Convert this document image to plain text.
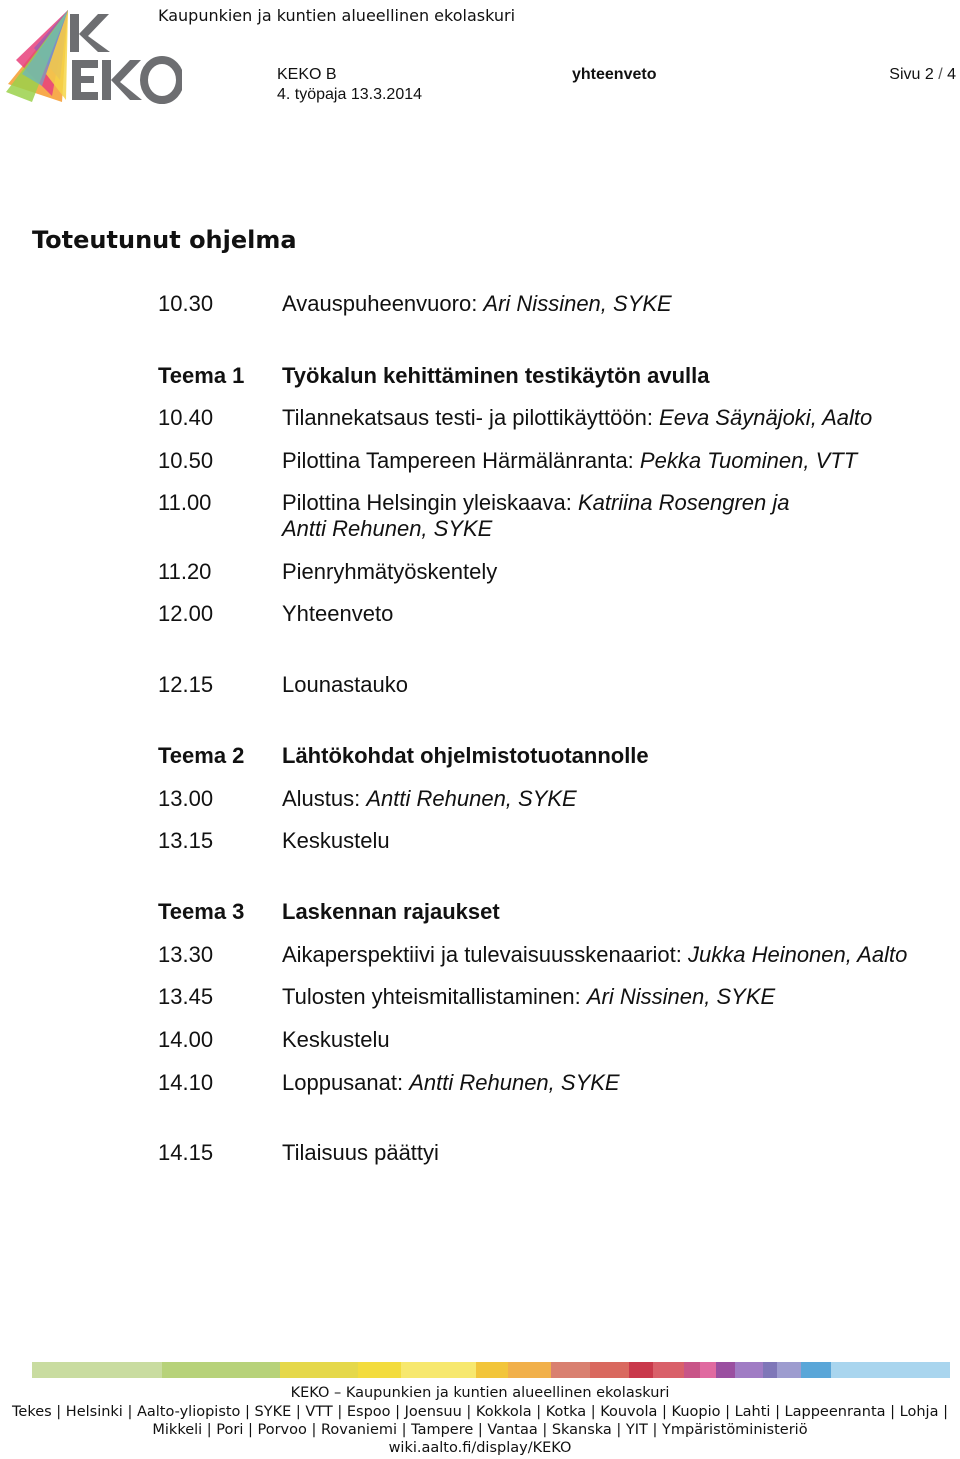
Kaupunkien ja kuntien alueellinen ekolaskuri
KEKO B
4. työpaja 13.3.2014
yhteenveto	Sivu 2 / 4
Toteutunut ohjelma
10.30	Avauspuheenvuoro: Ari Nissinen, SYKE
Teema 1 Työkalun kehittäminen testikäytön avulla
10.40	Tilannekatsaus testi- ja pilottikäyttöön: Eeva Säynäjoki, Aalto
10.50	Pilottina Tampereen Härmälänranta: Pekka Tuominen, VTT
11.00	Pilottina Helsingin yleiskaava: Katriina Rosengren ja
Antti Rehunen, SYKE
11.20	Pienryhmätyöskentely
12.00	Yhteenveto
12.15	Lounastauko
Teema 2 Lähtökohdat ohjelmistotuotannolle
13.00	Alustus: Antti Rehunen, SYKE
13.15	Keskustelu
Teema 3 Laskennan rajaukset
13.30	Aikaperspektiivi ja tulevaisuusskenaariot: Jukka Heinonen, Aalto
13.45	Tulosten yhteismitallistaminen: Ari Nissinen, SYKE
14.00	Keskustelu
14.10	Loppusanat: Antti Rehunen, SYKE
14.15	Tilaisuus päättyi
KEKO – Kaupunkien ja kuntien alueellinen ekolaskuri
Tekes | Helsinki | Aalto-yliopisto | SYKE | VTT | Espoo | Joensuu | Kokkola | Kotka | Kouvola | Kuopio | Lahti | Lappeenranta | Lohja |
Mikkeli | Pori | Porvoo | Rovaniemi | Tampere | Vantaa | Skanska | YIT | Ympäristöministeriö
wiki.aalto.fi/display/KEKO
